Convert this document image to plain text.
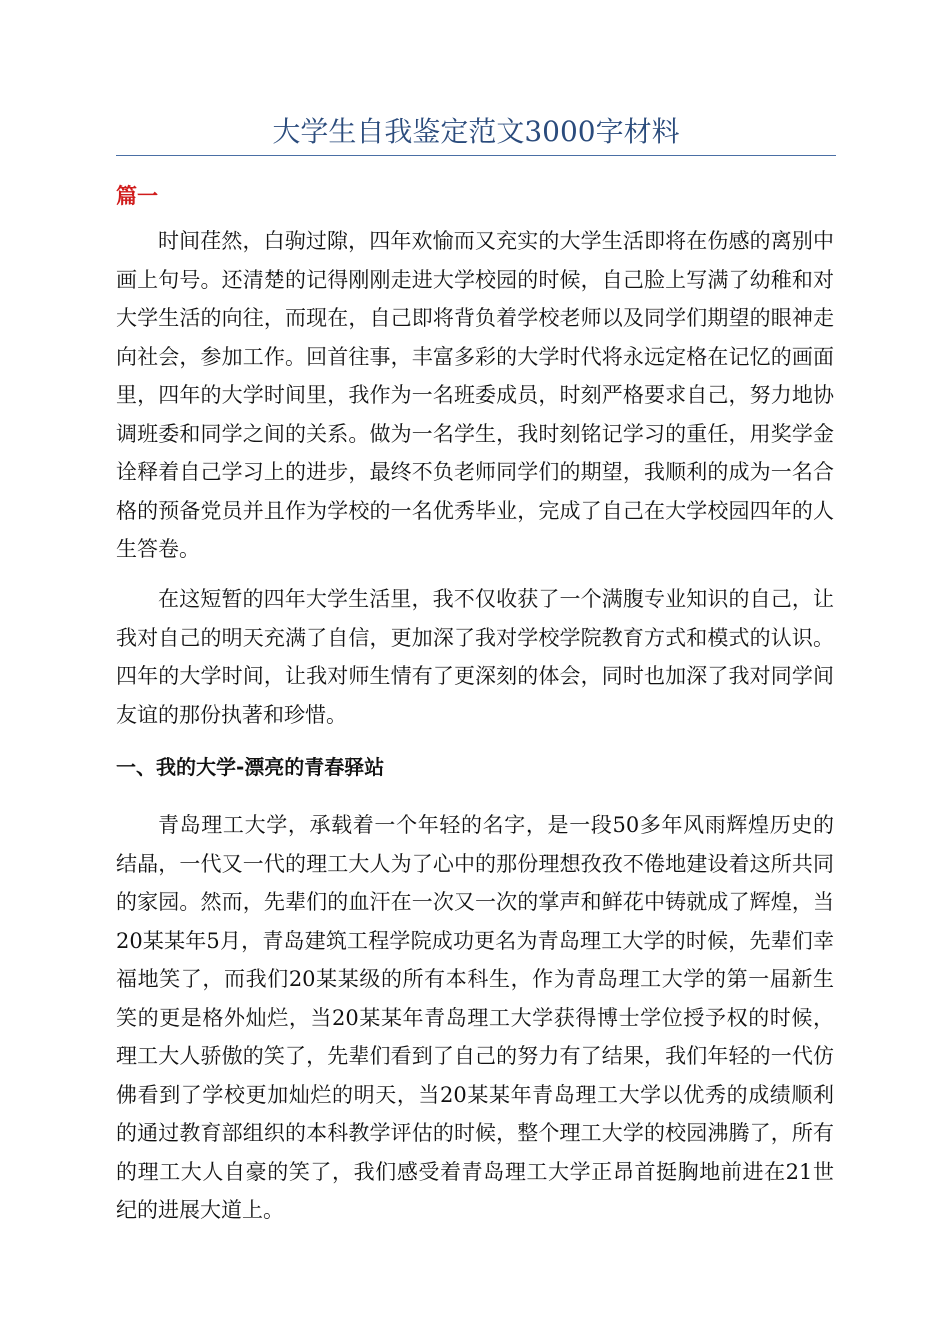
大学生自我鉴定范文3000字材料
篇一

时间荏然，白驹过隙，四年欢愉而又充实的大学生活即将在伤感的离别中画上句号。还清楚的记得刚刚走进大学校园的时候，自己脸上写满了幼稚和对大学生活的向往，而现在，自己即将背负着学校老师以及同学们期望的眼神走向社会，参加工作。回首往事，丰富多彩的大学时代将永远定格在记忆的画面里，四年的大学时间里，我作为一名班委成员，时刻严格要求自己，努力地协调班委和同学之间的关系。做为一名学生，我时刻铭记学习的重任，用奖学金诠释着自己学习上的进步，最终不负老师同学们的期望，我顺利的成为一名合格的预备党员并且作为学校的一名优秀毕业，完成了自己在大学校园四年的人生答卷。

在这短暂的四年大学生活里，我不仅收获了一个满腹专业知识的自己，让我对自己的明天充满了自信，更加深了我对学校学院教育方式和模式的认识。四年的大学时间，让我对师生情有了更深刻的体会，同时也加深了我对同学间友谊的那份执著和珍惜。

一、我的大学-漂亮的青春驿站

青岛理工大学，承载着一个年轻的名字，是一段50多年风雨辉煌历史的结晶，一代又一代的理工大人为了心中的那份理想孜孜不倦地建设着这所共同的家园。然而，先辈们的血汗在一次又一次的掌声和鲜花中铸就成了辉煌，当20某某年5月，青岛建筑工程学院成功更名为青岛理工大学的时候，先辈们幸福地笑了，而我们20某某级的所有本科生，作为青岛理工大学的第一届新生笑的更是格外灿烂，当20某某年青岛理工大学获得博士学位授予权的时候，理工大人骄傲的笑了，先辈们看到了自己的努力有了结果，我们年轻的一代仿佛看到了学校更加灿烂的明天，当20某某年青岛理工大学以优秀的成绩顺利的通过教育部组织的本科教学评估的时候，整个理工大学的校园沸腾了，所有的理工大人自豪的笑了，我们感受着青岛理工大学正昂首挺胸地前进在21世纪的进展大道上。
